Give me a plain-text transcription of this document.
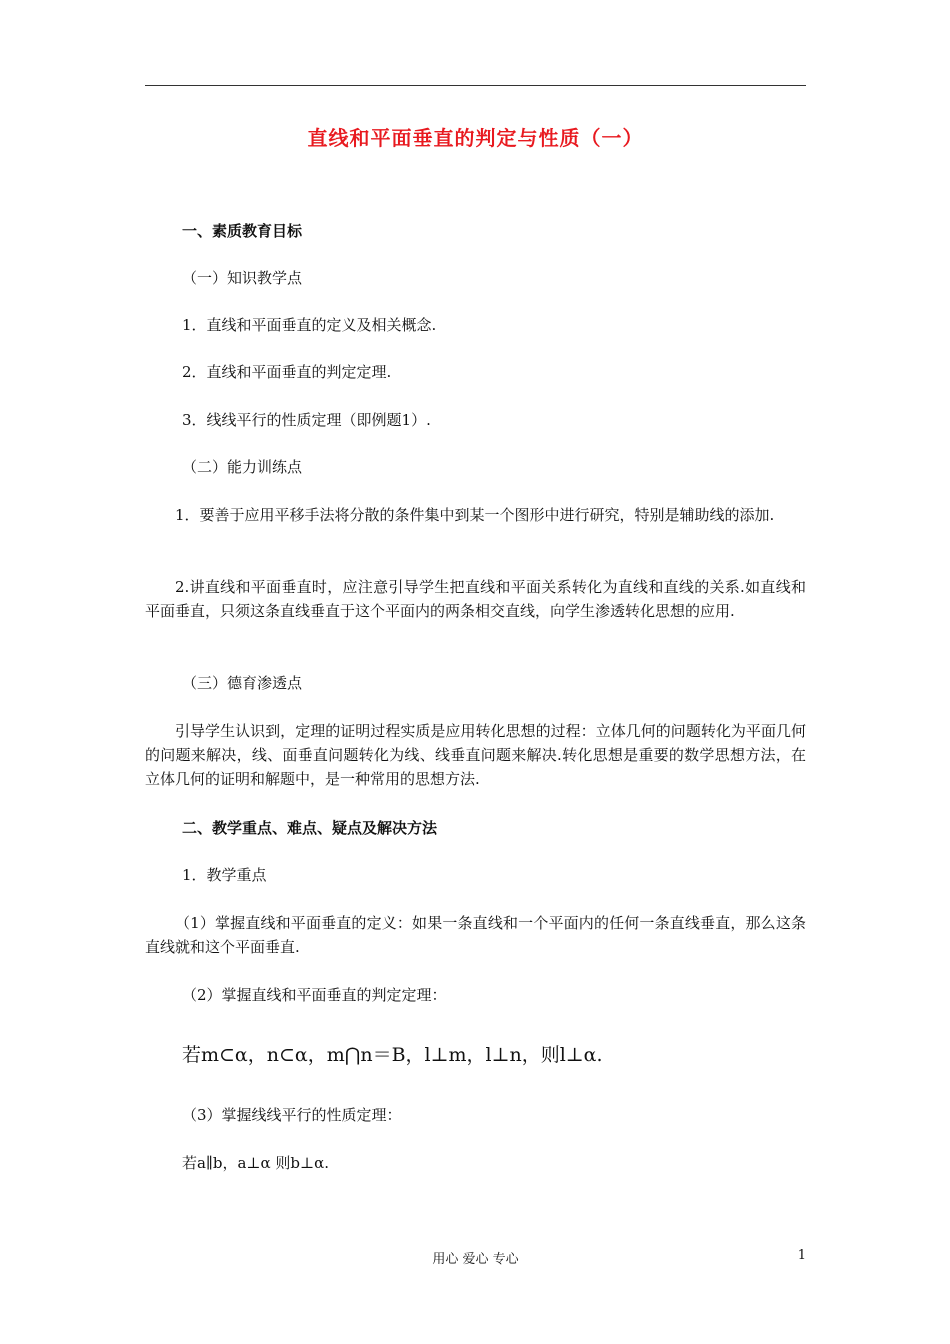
直线和平面垂直的判定与性质（一）
一、素质教育目标
（一）知识教学点
1．直线和平面垂直的定义及相关概念.
2．直线和平面垂直的判定定理.
3．线线平行的性质定理（即例题1）.
（二）能力训练点
1．要善于应用平移手法将分散的条件集中到某一个图形中进行研究，特别是辅助线的添加.
2.讲直线和平面垂直时，应注意引导学生把直线和平面关系转化为直线和直线的关系.如直线和平面垂直，只须这条直线垂直于这个平面内的两条相交直线，向学生渗透转化思想的应用.
（三）德育渗透点
引导学生认识到，定理的证明过程实质是应用转化思想的过程：立体几何的问题转化为平面几何的问题来解决，线、面垂直问题转化为线、线垂直问题来解决.转化思想是重要的数学思想方法，在立体几何的证明和解题中，是一种常用的思想方法.
二、教学重点、难点、疑点及解决方法
1．教学重点
（1）掌握直线和平面垂直的定义：如果一条直线和一个平面内的任何一条直线垂直，那么这条直线就和这个平面垂直.
（2）掌握直线和平面垂直的判定定理：
若m⊂α，n⊂α，m⋂n＝B，l⊥m，l⊥n，则l⊥α.
（3）掌握线线平行的性质定理：
若a∥b，a⊥α 则b⊥α.
用心 爱心 专心	1
